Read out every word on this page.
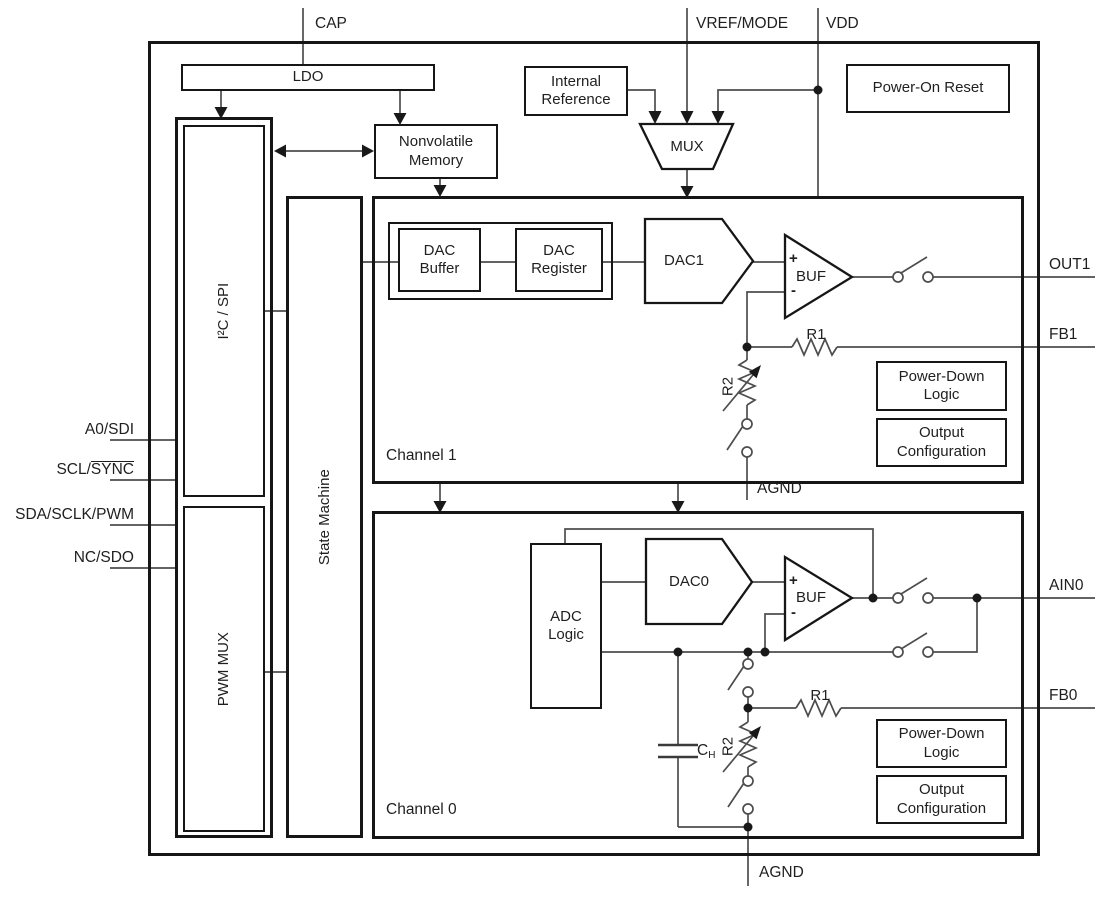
LDO	Internal Reference
Power-On Reset
Nonvolatile Memory
I²C / SPI
PWM MUX
State Machine
DAC Buffer
DAC Register
ADC Logic
Power-Down Logic
Output Configuration
Power-Down Logic
Output Configuration
MUX
DAC1
DAC0
BUF
BUF
+
-
+
-
R1
R1
R2
R2
$C_H$
Channel 1
Channel 0
CAP	VREF/MODE VDD
A0/SDI
SCL/SYNC
SDA/SCLK/PWM
NC/SDO
OUT1
FB1
AIN0
FB0
AGND
AGND
